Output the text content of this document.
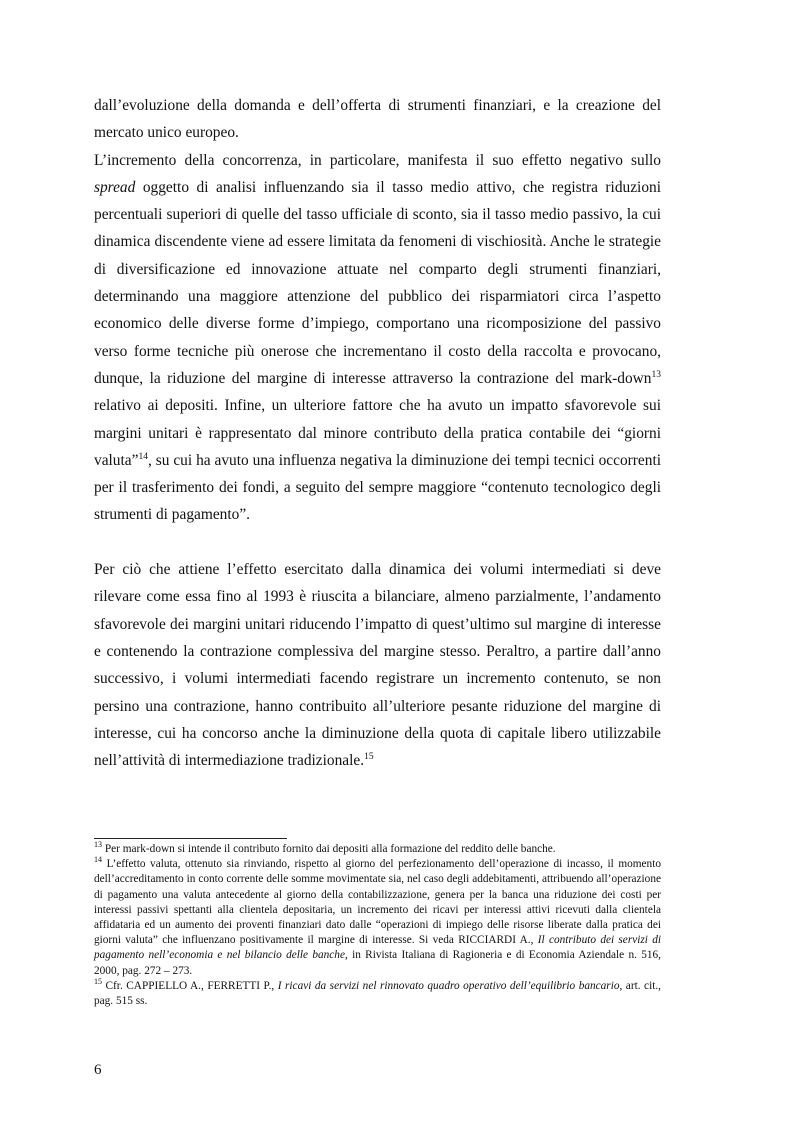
dall’evoluzione della domanda e dell’offerta di strumenti finanziari, e la creazione del mercato unico europeo.
L’incremento della concorrenza, in particolare, manifesta il suo effetto negativo sullo spread oggetto di analisi influenzando sia il tasso medio attivo, che registra riduzioni percentuali superiori di quelle del tasso ufficiale di sconto, sia il tasso medio passivo, la cui dinamica discendente viene ad essere limitata da fenomeni di vischiosità. Anche le strategie di diversificazione ed innovazione attuate nel comparto degli strumenti finanziari, determinando una maggiore attenzione del pubblico dei risparmiatori circa l’aspetto economico delle diverse forme d’impiego, comportano una ricomposizione del passivo verso forme tecniche più onerose che incrementano il costo della raccolta e provocano, dunque, la riduzione del margine di interesse attraverso la contrazione del mark-down$^{13}$ relativo ai depositi. Infine, un ulteriore fattore che ha avuto un impatto sfavorevole sui margini unitari è rappresentato dal minore contributo della pratica contabile dei “giorni valuta”$^{14}$, su cui ha avuto una influenza negativa la diminuzione dei tempi tecnici occorrenti per il trasferimento dei fondi, a seguito del sempre maggiore “contenuto tecnologico degli strumenti di pagamento”.

Per ciò che attiene l’effetto esercitato dalla dinamica dei volumi intermediati si deve rilevare come essa fino al 1993 è riuscita a bilanciare, almeno parzialmente, l’andamento sfavorevole dei margini unitari riducendo l’impatto di quest’ultimo sul margine di interesse e contenendo la contrazione complessiva del margine stesso. Peraltro, a partire dall’anno successivo, i volumi intermediati facendo registrare un incremento contenuto, se non persino una contrazione, hanno contribuito all’ulteriore pesante riduzione del margine di interesse, cui ha concorso anche la diminuzione della quota di capitale libero utilizzabile nell’attività di intermediazione tradizionale.$^{15}$

$^{13}$ Per mark-down si intende il contributo fornito dai depositi alla formazione del reddito delle banche.

$^{14}$ L’effetto valuta, ottenuto sia rinviando, rispetto al giorno del perfezionamento dell’operazione di incasso, il momento dell’accreditamento in conto corrente delle somme movimentate sia, nel caso degli addebitamenti, attribuendo all’operazione di pagamento una valuta antecedente al giorno della contabilizzazione, genera per la banca una riduzione dei costi per interessi passivi spettanti alla clientela depositaria, un incremento dei ricavi per interessi attivi ricevuti dalla clientela affidataria ed un aumento dei proventi finanziari dato dalle “operazioni di impiego delle risorse liberate dalla pratica dei giorni valuta” che influenzano positivamente il margine di interesse. Si veda RICCIARDI A., Il contributo dei servizi di pagamento nell’economia e nel bilancio delle banche, in Rivista Italiana di Ragioneria e di Economia Aziendale n. 516, 2000, pag. 272 – 273.

$^{15}$ Cfr. CAPPIELLO A., FERRETTI P., I ricavi da servizi nel rinnovato quadro operativo dell’equilibrio bancario, art. cit., pag. 515 ss.

6
